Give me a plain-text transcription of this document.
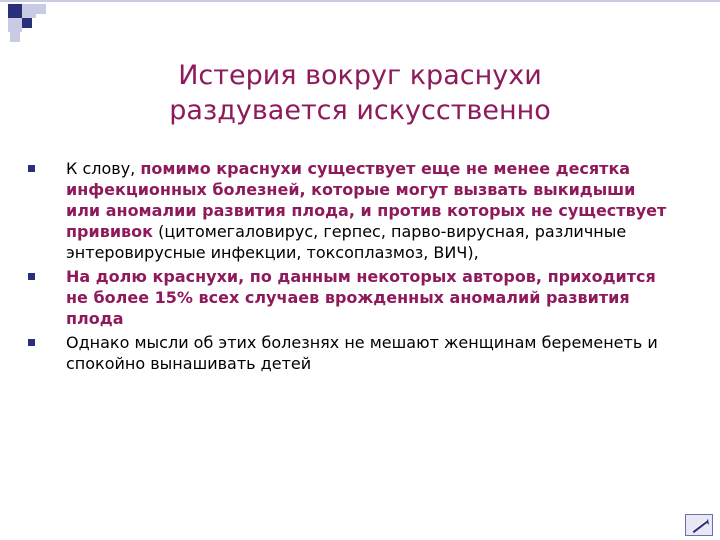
Истерия вокруг краснухи
раздувается искусственно
К слову, помимо краснухи существует еще не менее десятка инфекционных болезней, которые могут вызвать выкидыши или аномалии развития плода, и против которых не существует прививок (цитомегаловирус, герпес, парво-вирусная, различные энтеровирусные инфекции, токсоплазмоз, ВИЧ),
На долю краснухи, по данным некоторых авторов, приходится не более 15% всех случаев врожденных аномалий развития плода
Однако мысли об этих болезнях не мешают женщинам беременеть и спокойно вынашивать детей
